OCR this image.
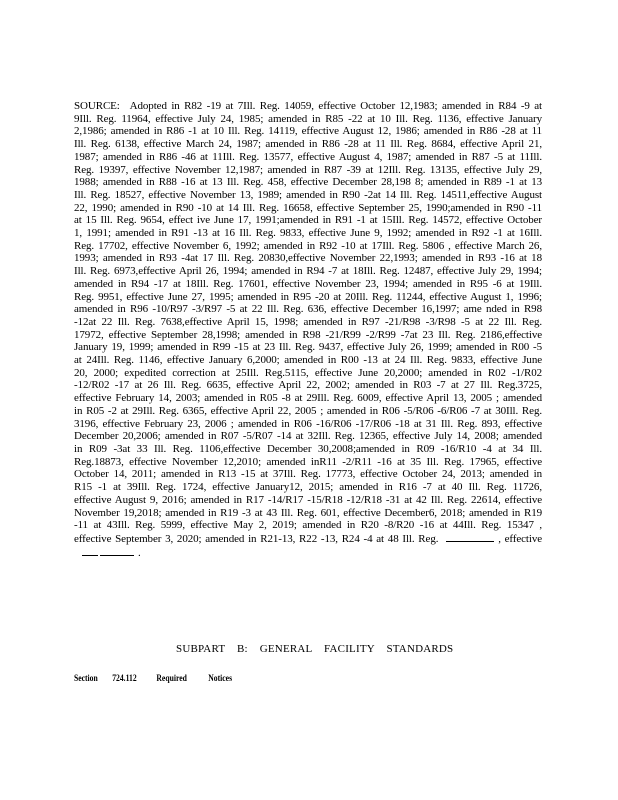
SOURCE: Adopted in R82 -19 at 7Ill. Reg. 14059, effective October 12,1983; amended in R84 -9 at 9Ill. Reg. 11964, effective July 24, 1985; amended in R85 -22 at 10 Ill. Reg. 1136, effective January 2,1986; amended in R86 -1 at 10 Ill. Reg. 14119, effective August 12, 1986; amended in R86 -28 at 11 Ill. Reg. 6138, effective March 24, 1987; amended in R86 -28 at 11 Ill. Reg. 8684, effective April 21, 1987; amended in R86 -46 at 11Ill. Reg. 13577, effective August 4, 1987; amended in R87 -5 at 11Ill. Reg. 19397, effective November 12,1987; amended in R87 -39 at 12Ill. Reg. 13135, effective July 29, 1988; amended in R88 -16 at 13 Ill. Reg. 458, effective December 28,198 8; amended in R89 -1 at 13 Ill. Reg. 18527, effective November 13, 1989; amended in R90 -2at 14 Ill. Reg. 14511,effective August 22, 1990; amended in R90 -10 at 14 Ill. Reg. 16658, effective September 25, 1990;amended in R90 -11 at 15 Ill. Reg. 9654, effect ive June 17, 1991;amended in R91 -1 at 15Ill. Reg. 14572, effective October 1, 1991; amended in R91 -13 at 16 Ill. Reg. 9833, effective June 9, 1992; amended in R92 -1 at 16Ill. Reg. 17702, effective November 6, 1992; amended in R92 -10 at 17Ill. Reg. 5806 , effective March 26, 1993; amended in R93 -4at 17 Ill. Reg. 20830,effective November 22,1993; amended in R93 -16 at 18 Ill. Reg. 6973,effective April 26, 1994; amended in R94 -7 at 18Ill. Reg. 12487, effective July 29, 1994; amended in R94 -17 at 18Ill. Reg. 17601, effective November 23, 1994; amended in R95 -6 at 19Ill. Reg. 9951, effective June 27, 1995; amended in R95 -20 at 20Ill. Reg. 11244, effective August 1, 1996; amended in R96 -10/R97 -3/R97 -5 at 22 Ill. Reg. 636, effective December 16,1997; ame nded in R98 -12at 22 Ill. Reg. 7638,effective April 15, 1998; amended in R97 -21/R98 -3/R98 -5 at 22 Ill. Reg. 17972, effective September 28,1998; amended in R98 -21/R99 -2/R99 -7at 23 Ill. Reg. 2186,effective January 19, 1999; amended in R99 -15 at 23 Ill. Reg. 9437, effective July 26, 1999; amended in R00 -5 at 24Ill. Reg. 1146, effective January 6,2000; amended in R00 -13 at 24 Ill. Reg. 9833, effective June 20, 2000; expedited correction at 25Ill. Reg.5115, effective June 20,2000; amended in R02 -1/R02 -12/R02 -17 at 26 Ill. Reg. 6635, effective April 22, 2002; amended in R03 -7 at 27 Ill. Reg.3725, effective February 14, 2003; amended in R05 -8 at 29Ill. Reg. 6009, effective April 13, 2005 ; amended in R05 -2 at 29Ill. Reg. 6365, effective April 22, 2005 ; amended in R06 -5/R06 -6/R06 -7 at 30Ill. Reg. 3196, effective February 23, 2006 ; amended in R06 -16/R06 -17/R06 -18 at 31 Ill. Reg. 893, effective December 20,2006; amended in R07 -5/R07 -14 at 32Ill. Reg. 12365, effective July 14, 2008; amended in R09 -3at 33 Ill. Reg. 1106,effective December 30,2008;amended in R09 -16/R10 -4 at 34 Ill. Reg.18873, effective November 12,2010; amended inR11 -2/R11 -16 at 35 Ill. Reg. 17965, effective October 14, 2011; amended in R13 -15 at 37Ill. Reg. 17773, effective October 24, 2013; amended in R15 -1 at 39Ill. Reg. 1724, effective January12, 2015; amended in R16 -7 at 40 Ill. Reg. 11726, effective August 9, 2016; amended in R17 -14/R17 -15/R18 -12/R18 -31 at 42 Ill. Reg. 22614, effective November 19,2018; amended in R19 -3 at 43 Ill. Reg. 601, effective December6, 2018; amended in R19 -11 at 43Ill. Reg. 5999, effective May 2, 2019; amended in R20 -8/R20 -16 at 44Ill. Reg. 15347 , effective September 3, 2020; amended in R21-13, R22 -13, R24 -4 at 48 Ill. Reg.	, effective .

SUBPART B: GENERAL FACILITY STANDARDS
Section 724.112 Required Notices
